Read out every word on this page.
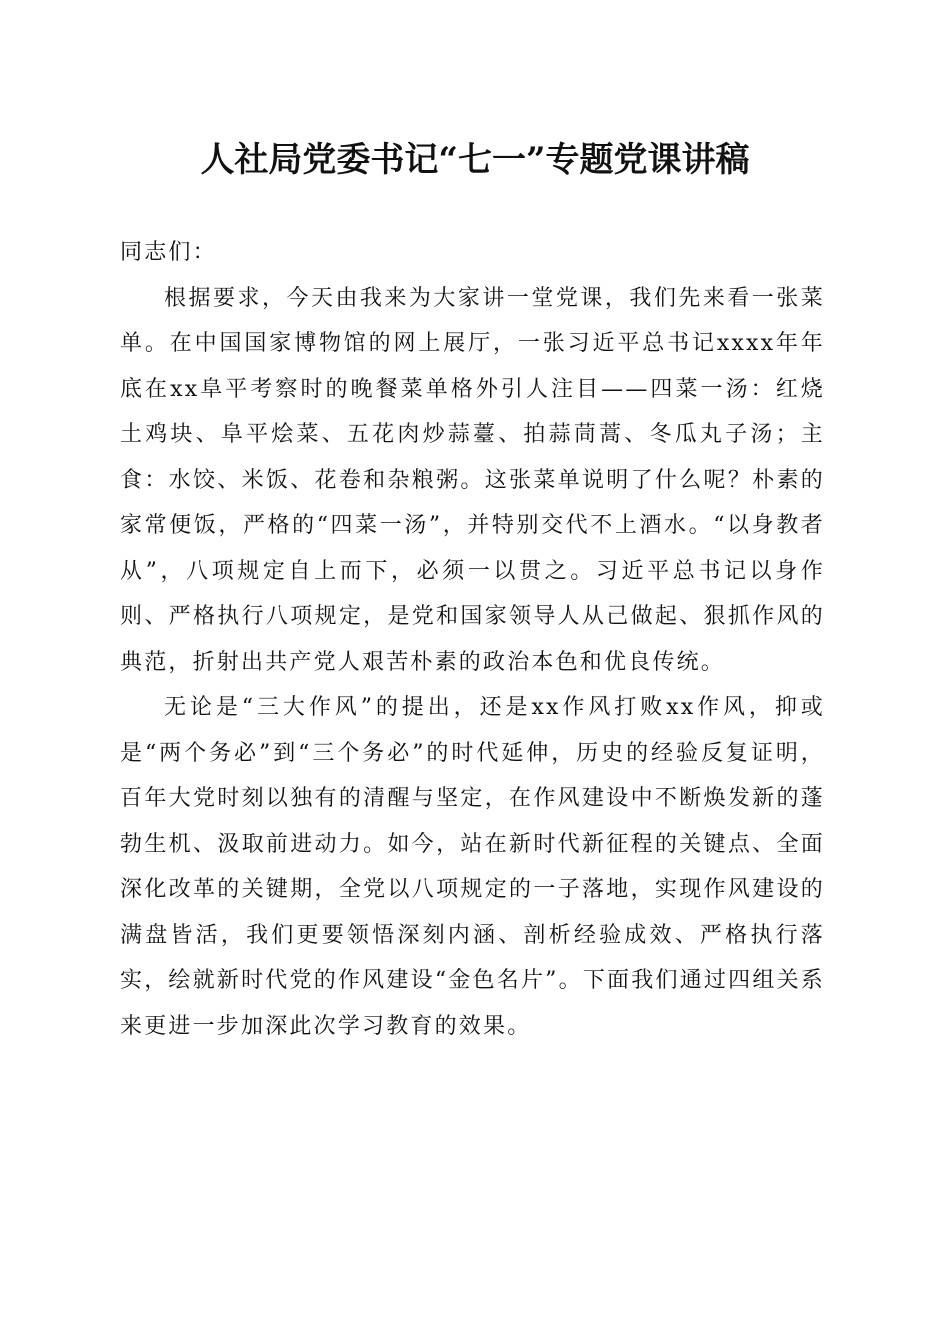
人社局党委书记“七一”专题党课讲稿

同志们：

根据要求，今天由我来为大家讲一堂党课，我们先来看一张菜单。在中国国家博物馆的网上展厅，一张习近平总书记xxxx年年底在xx阜平考察时的晚餐菜单格外引人注目——四菜一汤：红烧土鸡块、阜平烩菜、五花肉炒蒜薹、拍蒜茼蒿、冬瓜丸子汤；主食：水饺、米饭、花卷和杂粮粥。这张菜单说明了什么呢？朴素的家常便饭，严格的“四菜一汤”，并特别交代不上酒水。“以身教者从”，八项规定自上而下，必须一以贯之。习近平总书记以身作则、严格执行八项规定，是党和国家领导人从己做起、狠抓作风的典范，折射出共产党人艰苦朴素的政治本色和优良传统。

无论是“三大作风”的提出，还是xx作风打败xx作风，抑或是“两个务必”到“三个务必”的时代延伸，历史的经验反复证明，百年大党时刻以独有的清醒与坚定，在作风建设中不断焕发新的蓬勃生机、汲取前进动力。如今，站在新时代新征程的关键点、全面深化改革的关键期，全党以八项规定的一子落地，实现作风建设的满盘皆活，我们更要领悟深刻内涵、剖析经验成效、严格执行落实，绘就新时代党的作风建设“金色名片”。下面我们通过四组关系来更进一步加深此次学习教育的效果。
